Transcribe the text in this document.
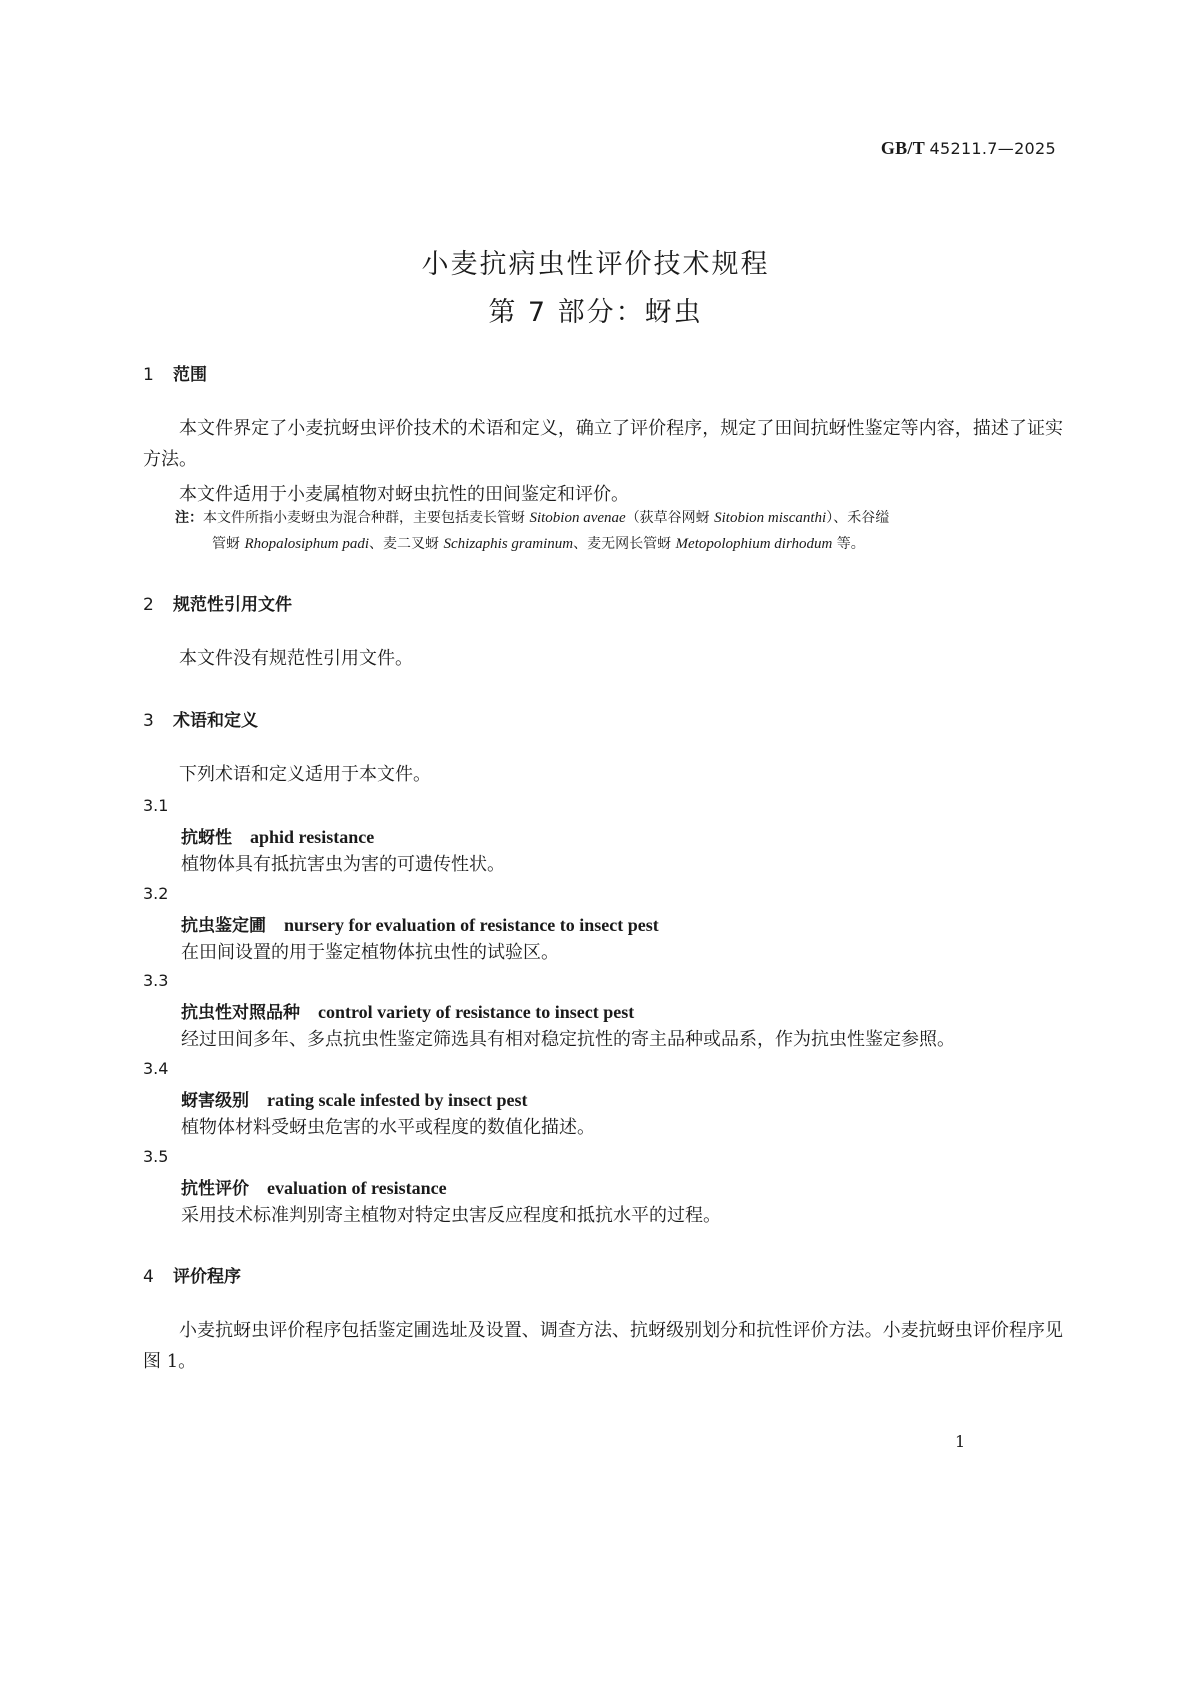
GB/T 45211.7—2025
小麦抗病虫性评价技术规程
第 7 部分：蚜虫
1 范围

本文件界定了小麦抗蚜虫评价技术的术语和定义，确立了评价程序，规定了田间抗蚜性鉴定等内容，描述了证实方法。

本文件适用于小麦属植物对蚜虫抗性的田间鉴定和评价。

注：本文件所指小麦蚜虫为混合种群，主要包括麦长管蚜 Sitobion avenae（荻草谷网蚜 Sitobion miscanthi）、禾谷缢
管蚜 Rhopalosiphum padi、麦二叉蚜 Schizaphis graminum、麦无网长管蚜 Metopolophium dirhodum 等。
2 规范性引用文件

本文件没有规范性引用文件。

3 术语和定义

下列术语和定义适用于本文件。

3.1
抗蚜性 aphid resistance
植物体具有抵抗害虫为害的可遗传性状。
3.2
抗虫鉴定圃 nursery for evaluation of resistance to insect pest
在田间设置的用于鉴定植物体抗虫性的试验区。
3.3
抗虫性对照品种 control variety of resistance to insect pest
经过田间多年、多点抗虫性鉴定筛选具有相对稳定抗性的寄主品种或品系，作为抗虫性鉴定参照。
3.4
蚜害级别 rating scale infested by insect pest
植物体材料受蚜虫危害的水平或程度的数值化描述。
3.5
抗性评价 evaluation of resistance
采用技术标准判别寄主植物对特定虫害反应程度和抵抗水平的过程。
4 评价程序

小麦抗蚜虫评价程序包括鉴定圃选址及设置、调查方法、抗蚜级别划分和抗性评价方法。小麦抗蚜虫评价程序见图 1。

1
